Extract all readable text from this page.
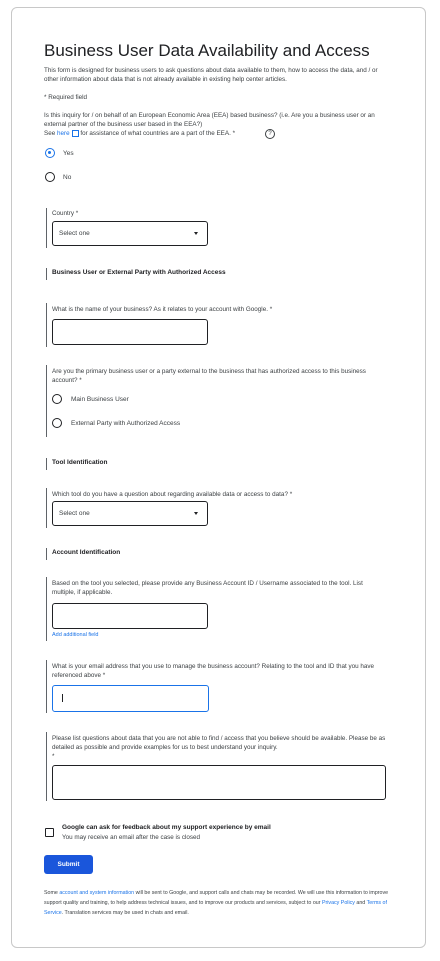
Business User Data Availability and Access
This form is designed for business users to ask questions about data available to them, how to access the data, and / or other information about data that is not already available in existing help center articles.
* Required field
Is this inquiry for / on behalf of an European Economic Area (EEA) based business? (i.e. Are you a business user or an external partner of the business user based in the EEA?)
See here for assistance of what countries are a part of the EEA. *	?
Yes
No
Country *
Select one
Business User or External Party with Authorized Access
What is the name of your business? As it relates to your account with Google. *
Are you the primary business user or a party external to the business that has authorized access to this business account? *
Main Business User
External Party with Authorized Access
Tool Identification
Which tool do you have a question about regarding available data or access to data? *
Select one
Account Identification
Based on the tool you selected, please provide any Business Account ID / Username associated to the tool. List multiple, if applicable.
Add additional field
What is your email address that you use to manage the business account? Relating to the tool and ID that you have referenced above *
Please list questions about data that you are not able to find / access that you believe should be available. Please be as detailed as possible and provide examples for us to best understand your inquiry.
*
Google can ask for feedback about my support experience by email
You may receive an email after the case is closed
Submit
Some account and system information will be sent to Google, and support calls and chats may be recorded. We will use this information to improve support quality and training, to help address technical issues, and to improve our products and services, subject to our Privacy Policy and Terms of Service. Translation services may be used in chats and email.
